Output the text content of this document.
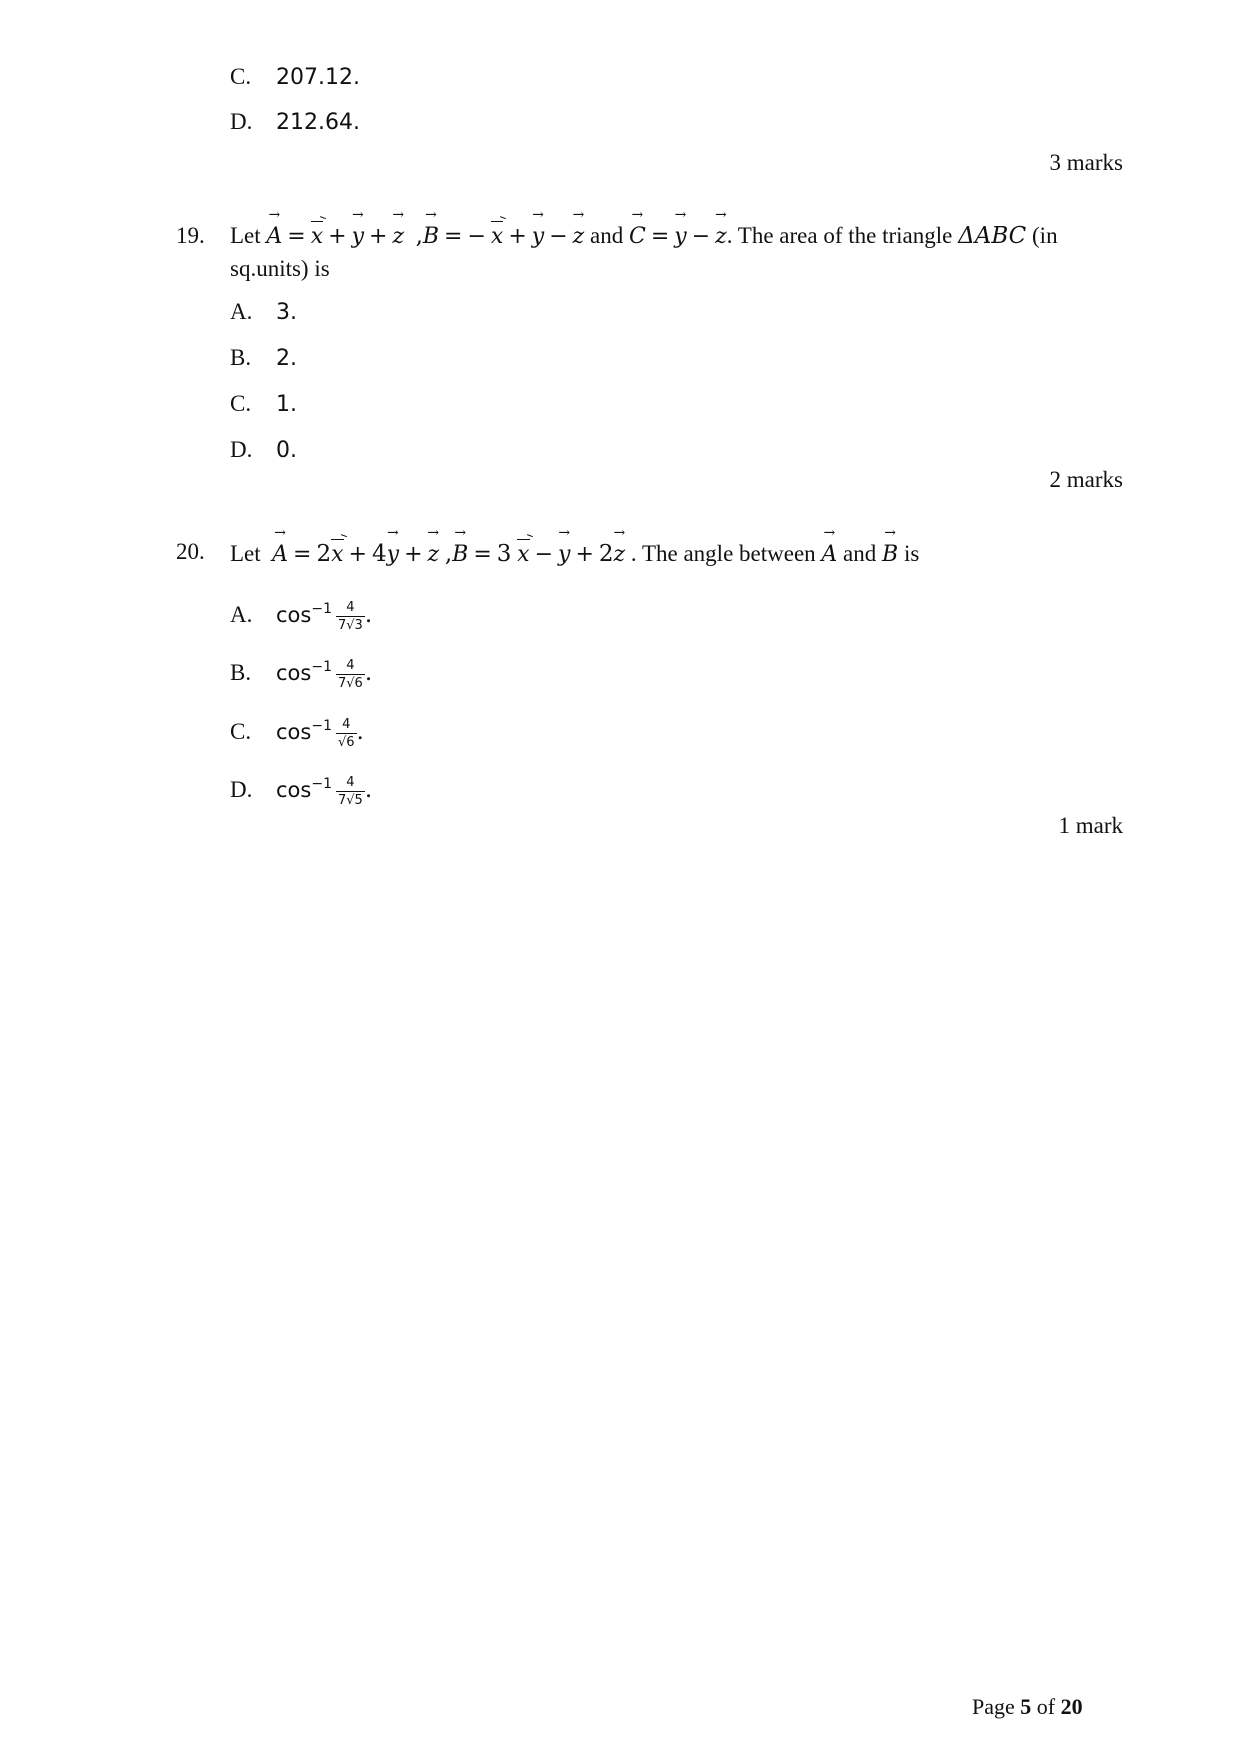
C. 207.12.
D. 212.64.
3 marks
19. Let → A = x + → y + → z ,→ B = − x + → y − → z and → C = → y − → z. The area of the triangle ΔABC (in
sq.units) is
A. 3.
B. 2.
C. 1.
D. 0.
2 marks
20. Let → A = 2x + 4→ y + → z ,→ B = 3 x − → y + 2→ z . The angle between → A and → B is
A. $\cos^{-1} \frac{4}{7√3}$ .
B. $\cos^{-1} \frac{4}{7√6}$ .
C. $\cos^{-1} \frac{4}{√6}$ .
D. $\cos^{-1} \frac{4}{7√5}$ .
1 mark
Page 5 of 20
